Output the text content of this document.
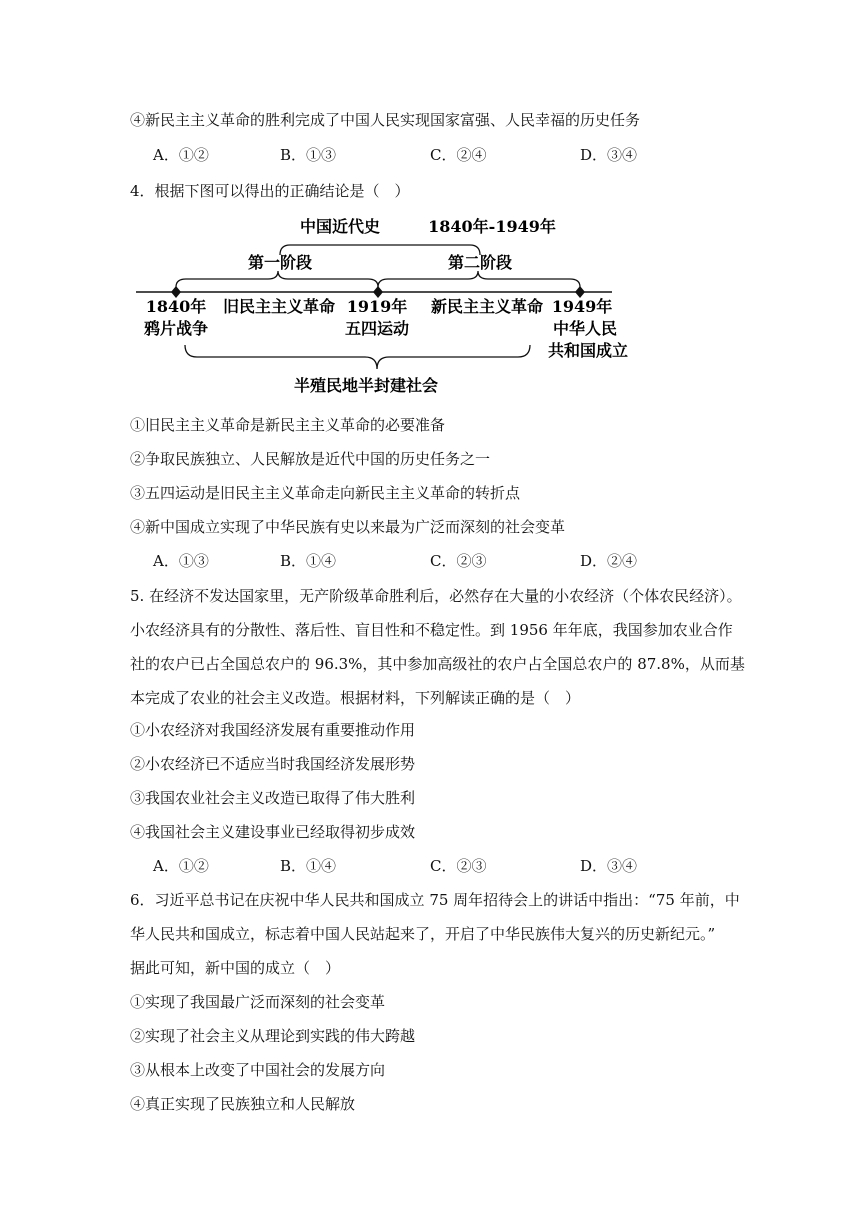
④新民主主义革命的胜利完成了中国人民实现国家富强、人民幸福的历史任务
A．①②	B．①③	C．②④	D．③④
4．根据下图可以得出的正确结论是（　）
中国近代史	1840年-1949年
第一阶段	第二阶段
1840年 旧民主主义革命 1919年 新民主主义革命 1949年
鸦片战争	五四运动	中华人民
共和国成立
半殖民地半封建社会
①旧民主主义革命是新民主主义革命的必要准备
②争取民族独立、人民解放是近代中国的历史任务之一
③五四运动是旧民主主义革命走向新民主主义革命的转折点
④新中国成立实现了中华民族有史以来最为广泛而深刻的社会变革
A．①③	B．①④	C．②③	D．②④
5. 在经济不发达国家里，无产阶级革命胜利后，必然存在大量的小农经济（个体农民经济）。
小农经济具有的分散性、落后性、盲目性和不稳定性。到 1956 年年底，我国参加农业合作
社的农户已占全国总农户的 96.3%，其中参加高级社的农户占全国总农户的 87.8%，从而基
本完成了农业的社会主义改造。根据材料，下列解读正确的是（　）
①小农经济对我国经济发展有重要推动作用
②小农经济已不适应当时我国经济发展形势
③我国农业社会主义改造已取得了伟大胜利
④我国社会主义建设事业已经取得初步成效
A．①②	B．①④	C．②③	D．③④
6．习近平总书记在庆祝中华人民共和国成立 75 周年招待会上的讲话中指出：“75 年前，中
华人民共和国成立，标志着中国人民站起来了，开启了中华民族伟大复兴的历史新纪元。”
据此可知，新中国的成立（　）
①实现了我国最广泛而深刻的社会变革
②实现了社会主义从理论到实践的伟大跨越
③从根本上改变了中国社会的发展方向
④真正实现了民族独立和人民解放
